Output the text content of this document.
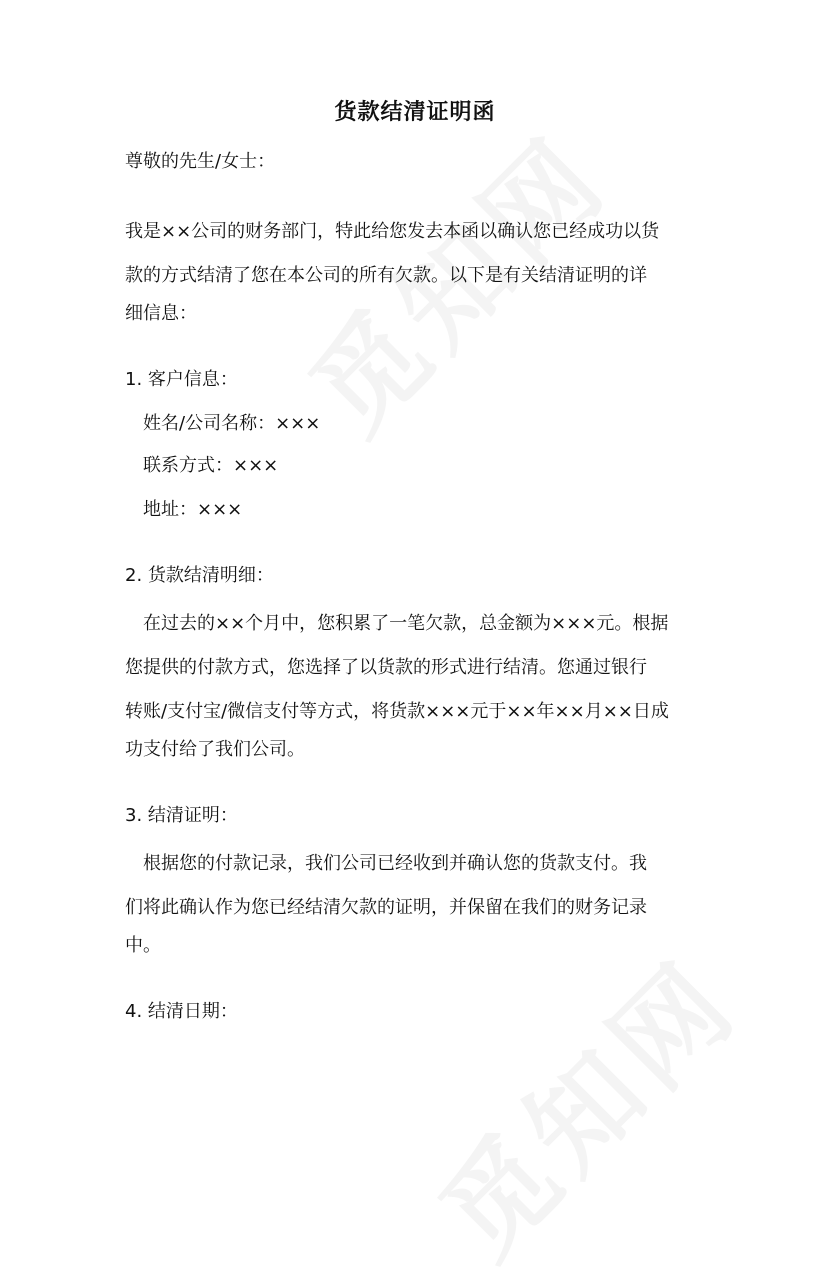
货款结清证明函
尊敬的先生/女士：
我是××公司的财务部门，特此给您发去本函以确认您已经成功以货
款的方式结清了您在本公司的所有欠款。以下是有关结清证明的详
细信息：
1. 客户信息：
姓名/公司名称：×××
联系方式：×××
地址：×××
2. 货款结清明细：
在过去的××个月中，您积累了一笔欠款，总金额为×××元。根据
您提供的付款方式，您选择了以货款的形式进行结清。您通过银行
转账/支付宝/微信支付等方式，将货款×××元于××年××月××日成
功支付给了我们公司。
3. 结清证明：
根据您的付款记录，我们公司已经收到并确认您的货款支付。我
们将此确认作为您已经结清欠款的证明，并保留在我们的财务记录
中。
4. 结清日期：
